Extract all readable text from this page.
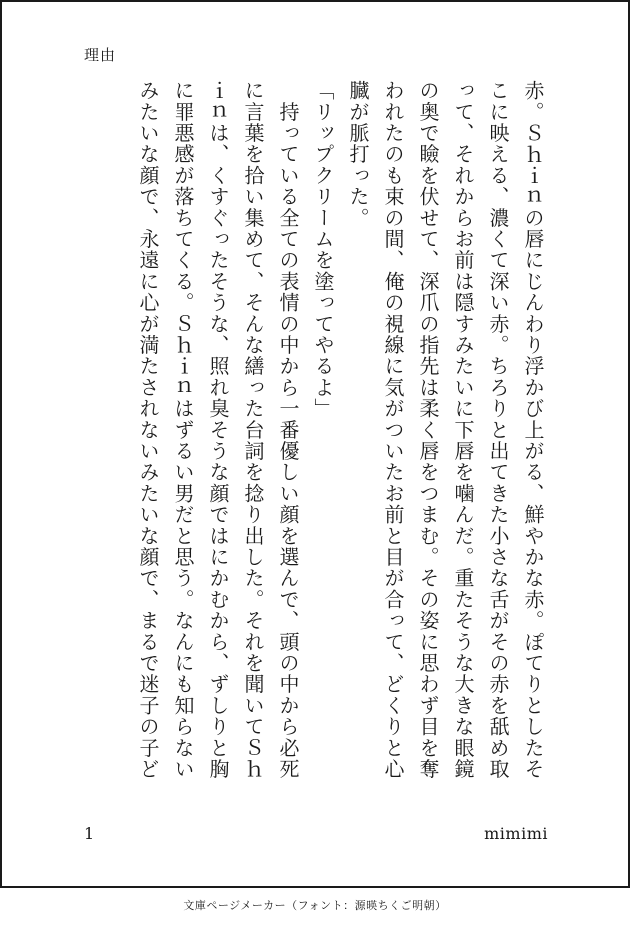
理由

赤。Ｓｈｉｎの唇にじんわり浮かび上がる、鮮やかな赤。ぽてりとしたそこに映える、濃くて深い赤。ちろりと出てきた小さな舌がその赤を舐め取って、それからお前は隠すみたいに下唇を噛んだ。重たそうな大きな眼鏡の奥で瞼を伏せて、深爪の指先は柔く唇をつまむ。その姿に思わず目を奪われたのも束の間、俺の視線に気がついたお前と目が合って、どくりと心臓が脈打った。

「リップクリームを塗ってやるよ」

　持っている全ての表情の中から一番優しい顔を選んで、頭の中から必死に言葉を拾い集めて、そんな繕った台詞を捻り出した。それを聞いてＳｈｉｎは、くすぐったそうな、照れ臭そうな顔ではにかむから、ずしりと胸に罪悪感が落ちてくる。Ｓｈｉｎはずるい男だと思う。なんにも知らないみたいな顔で、永遠に心が満たされないみたいな顔で、まるで迷子の子ど

1	mimimi
文庫ページメーカー（フォント：源暎ちくご明朝）
